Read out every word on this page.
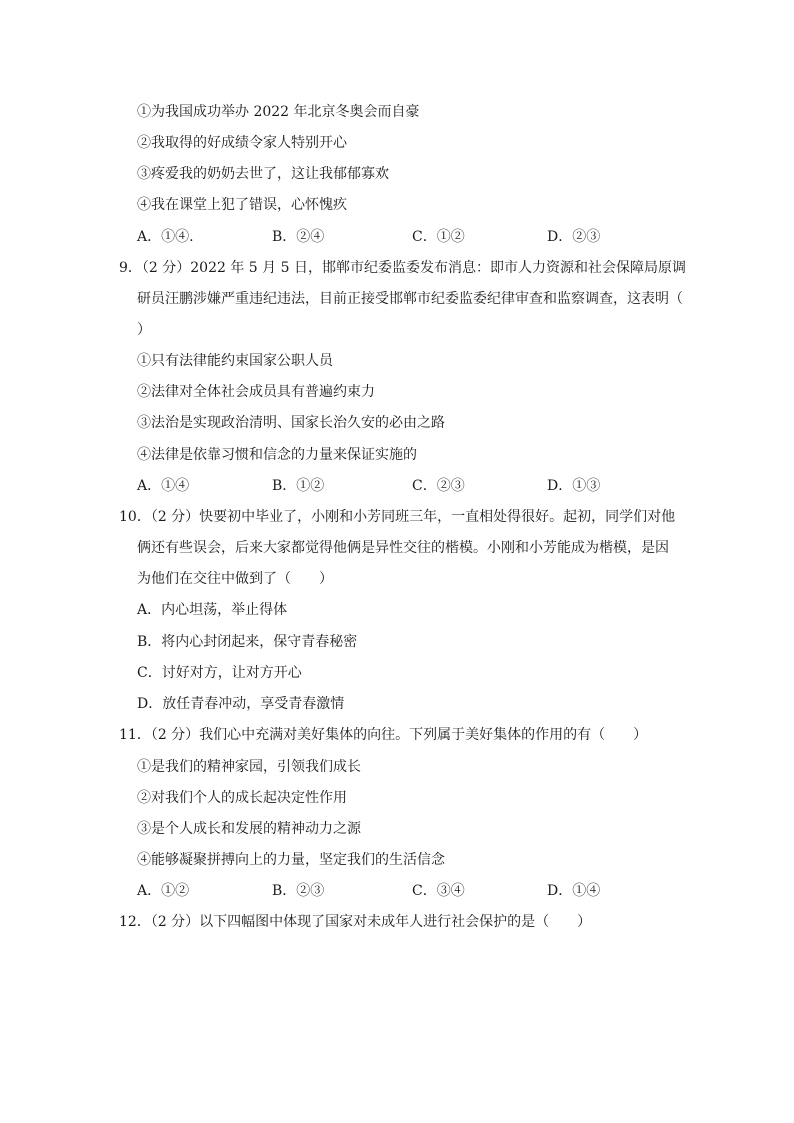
①为我国成功举办 2022 年北京冬奥会而自豪
②我取得的好成绩令家人特别开心
③疼爱我的奶奶去世了，这让我郁郁寡欢
④我在课堂上犯了错误，心怀愧疚
A．①④.	B．②④	C．①②	D．②③
9．（2 分）2022 年 5 月 5 日，邯郸市纪委监委发布消息：即市人力资源和社会保障局原调
研员汪鹏涉嫌严重违纪违法，目前正接受邯郸市纪委监委纪律审查和监察调查，这表明（
）
①只有法律能约束国家公职人员
②法律对全体社会成员具有普遍约束力
③法治是实现政治清明、国家长治久安的必由之路
④法律是依靠习惯和信念的力量来保证实施的
A．①④	B．①②	C．②③	D．①③
10．（2 分）快要初中毕业了，小刚和小芳同班三年，一直相处得很好。起初，同学们对他
俩还有些误会，后来大家都觉得他俩是异性交往的楷模。小刚和小芳能成为楷模，是因
为他们在交往中做到了（　　）
A．内心坦荡，举止得体
B．将内心封闭起来，保守青春秘密
C．讨好对方，让对方开心
D．放任青春冲动，享受青春激情
11．（2 分）我们心中充满对美好集体的向往。下列属于美好集体的作用的有（　　）
①是我们的精神家园，引领我们成长
②对我们个人的成长起决定性作用
③是个人成长和发展的精神动力之源
④能够凝聚拼搏向上的力量，坚定我们的生活信念
A．①②	B．②③	C．③④	D．①④
12．（2 分）以下四幅图中体现了国家对未成年人进行社会保护的是（　　）
